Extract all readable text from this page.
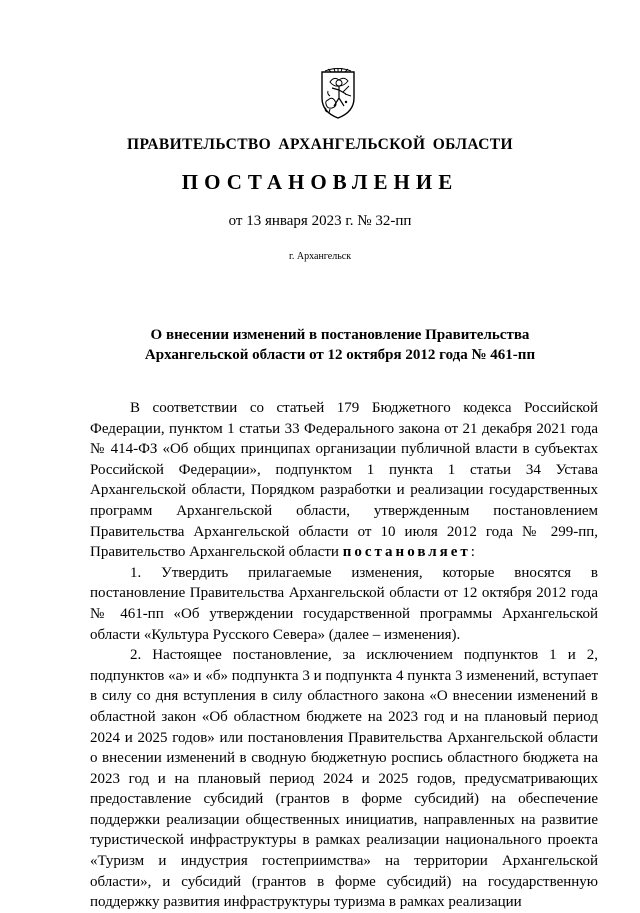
ПРАВИТЕЛЬСТВО АРХАНГЕЛЬСКОЙ ОБЛАСТИ
ПОСТАНОВЛЕНИЕ
от 13 января 2023 г. № 32-пп
г. Архангельск
О внесении изменений в постановление Правительства
Архангельской области от 12 октября 2012 года № 461-пп

В соответствии со статьей 179 Бюджетного кодекса Российской Федерации, пунктом 1 статьи 33 Федерального закона от 21 декабря 2021 года № 414-ФЗ «Об общих принципах организации публичной власти в субъектах Российской Федерации», подпунктом 1 пункта 1 статьи 34 Устава Архангельской области, Порядком разработки и реализации государственных программ Архангельской области, утвержденным постановлением Правительства Архангельской области от 10 июля 2012 года № 299-пп, Правительство Архангельской области постановляет:

1. Утвердить прилагаемые изменения, которые вносятся в постановление Правительства Архангельской области от 12 октября 2012 года № 461-пп «Об утверждении государственной программы Архангельской области «Культура Русского Севера» (далее – изменения).

2. Настоящее постановление, за исключением подпунктов 1 и 2, подпунктов «а» и «б» подпункта 3 и подпункта 4 пункта 3 изменений, вступает в силу со дня вступления в силу областного закона «О внесении изменений в областной закон «Об областном бюджете на 2023 год и на плановый период 2024 и 2025 годов» или постановления Правительства Архангельской области о внесении изменений в сводную бюджетную роспись областного бюджета на 2023 год и на плановый период 2024 и 2025 годов, предусматривающих предоставление субсидий (грантов в форме субсидий) на обеспечение поддержки реализации общественных инициатив, направленных на развитие туристической инфраструктуры в рамках реализации национального проекта «Туризм и индустрия гостеприимства» на территории Архангельской области», и субсидий (грантов в форме субсидий) на государственную поддержку развития инфраструктуры туризма в рамках реализации
